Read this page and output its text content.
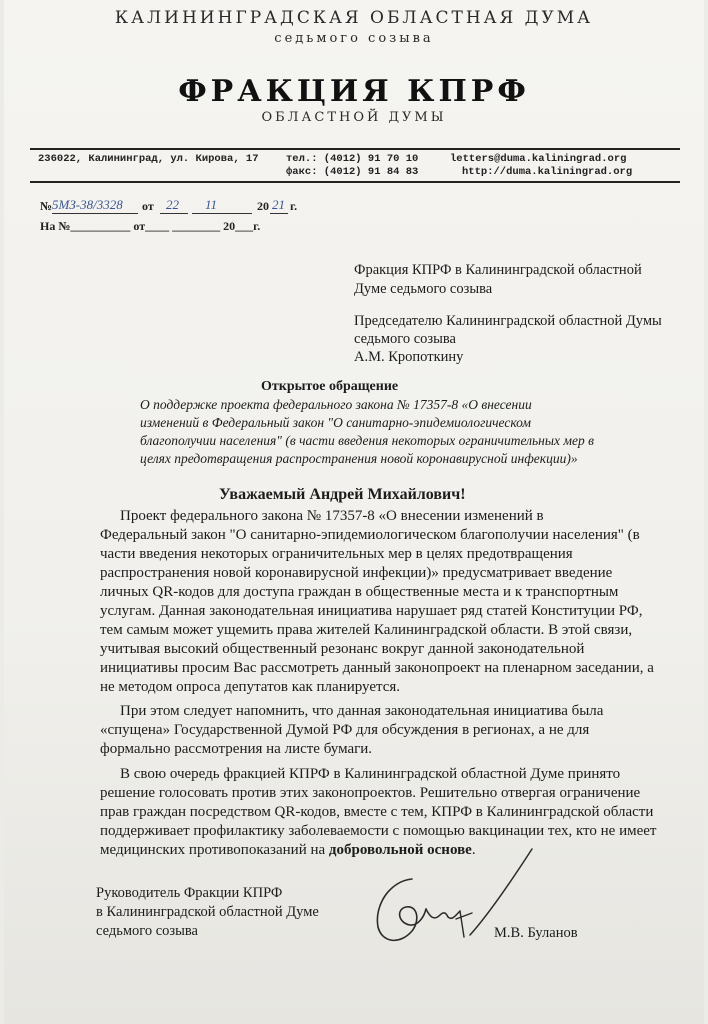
КАЛИНИНГРАДСКАЯ ОБЛАСТНАЯ ДУМА
седьмого созыва
ФРАКЦИЯ КПРФ
ОБЛАСТНОЙ ДУМЫ
236022, Калининград, ул. Кирова, 17	тел.: (4012) 91 70 10
факс: (4012) 91 84 83
letters@duma.kaliningrad.org
http://duma.kaliningrad.org
№ 5МЗ-38/3328 от 22 11	20 21 г.
На №__________ от____ ________ 20___г.
Фракция КПРФ в Калининградской областной
Думе седьмого созыва
Председателю Калининградской областной Думы
седьмого созыва
А.М. Кропоткину
Открытое обращение
О поддержке проекта федерального закона № 17357-8 «О внесении
изменений в Федеральный закон "О санитарно-эпидемиологическом
благополучии населения" (в части введения некоторых ограничительных мер в
целях предотвращения распространения новой коронавирусной инфекции)»
Уважаемый Андрей Михайлович!
Проект федерального закона № 17357-8 «О внесении изменений в
Федеральный закон "О санитарно-эпидемиологическом благополучии населения" (в
части введения некоторых ограничительных мер в целях предотвращения
распространения новой коронавирусной инфекции)» предусматривает введение
личных QR-кодов для доступа граждан в общественные места и к транспортным
услугам. Данная законодательная инициатива нарушает ряд статей Конституции РФ,
тем самым может ущемить права жителей Калининградской области. В этой связи,
учитывая высокий общественный резонанс вокруг данной законодательной
инициативы просим Вас рассмотреть данный законопроект на пленарном заседании, а
не методом опроса депутатов как планируется.
При этом следует напомнить, что данная законодательная инициатива была
«спущена» Государственной Думой РФ для обсуждения в регионах, а не для
формально рассмотрения на листе бумаги.
В свою очередь фракцией КПРФ в Калининградской областной Думе принято
решение голосовать против этих законопроектов. Решительно отвергая ограничение
прав граждан посредством QR-кодов, вместе с тем, КПРФ в Калининградской области
поддерживает профилактику заболеваемости с помощью вакцинации тех, кто не имеет
медицинских противопоказаний на добровольной основе.
Руководитель Фракции КПРФ
в Калининградской областной Думе
седьмого созыва	М.В. Буланов
